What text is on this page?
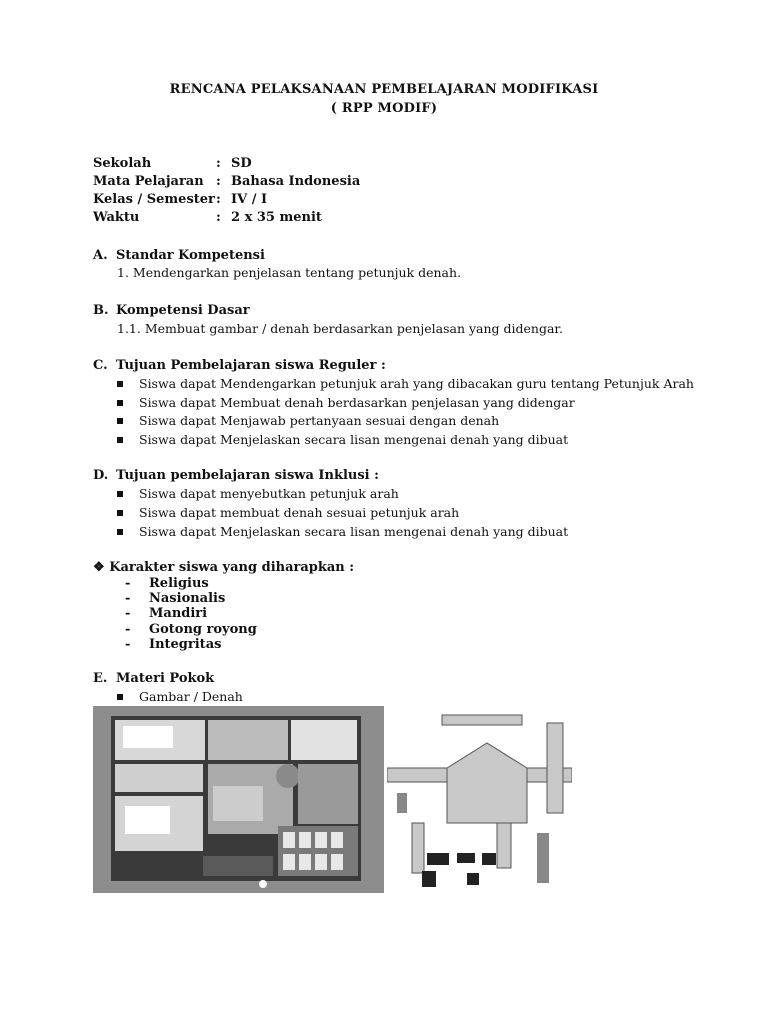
RENCANA PELAKSANAAN PEMBELAJARAN MODIFIKASI
( RPP MODIF)
Sekolah	: SD
Mata Pelajaran : Bahasa Indonesia
Kelas / Semester : IV / I
Waktu	: 2 x 35 menit
A. Standar Kompetensi
1. Mendengarkan penjelasan tentang petunjuk denah.
B. Kompetensi Dasar
1.1. Membuat gambar / denah berdasarkan penjelasan yang didengar.
C. Tujuan Pembelajaran siswa Reguler :
Siswa dapat Mendengarkan petunjuk arah yang dibacakan guru tentang Petunjuk Arah
Siswa dapat Membuat denah berdasarkan penjelasan yang didengar
Siswa dapat Menjawab pertanyaan sesuai dengan denah
Siswa dapat Menjelaskan secara lisan mengenai denah yang dibuat
D. Tujuan pembelajaran siswa Inklusi :
Siswa dapat menyebutkan petunjuk arah
Siswa dapat membuat denah sesuai petunjuk arah
Siswa dapat Menjelaskan secara lisan mengenai denah yang dibuat
❖ Karakter siswa yang diharapkan :
- Religius
- Nasionalis
- Mandiri
- Gotong royong
- Integritas
E. Materi Pokok
Gambar / Denah
